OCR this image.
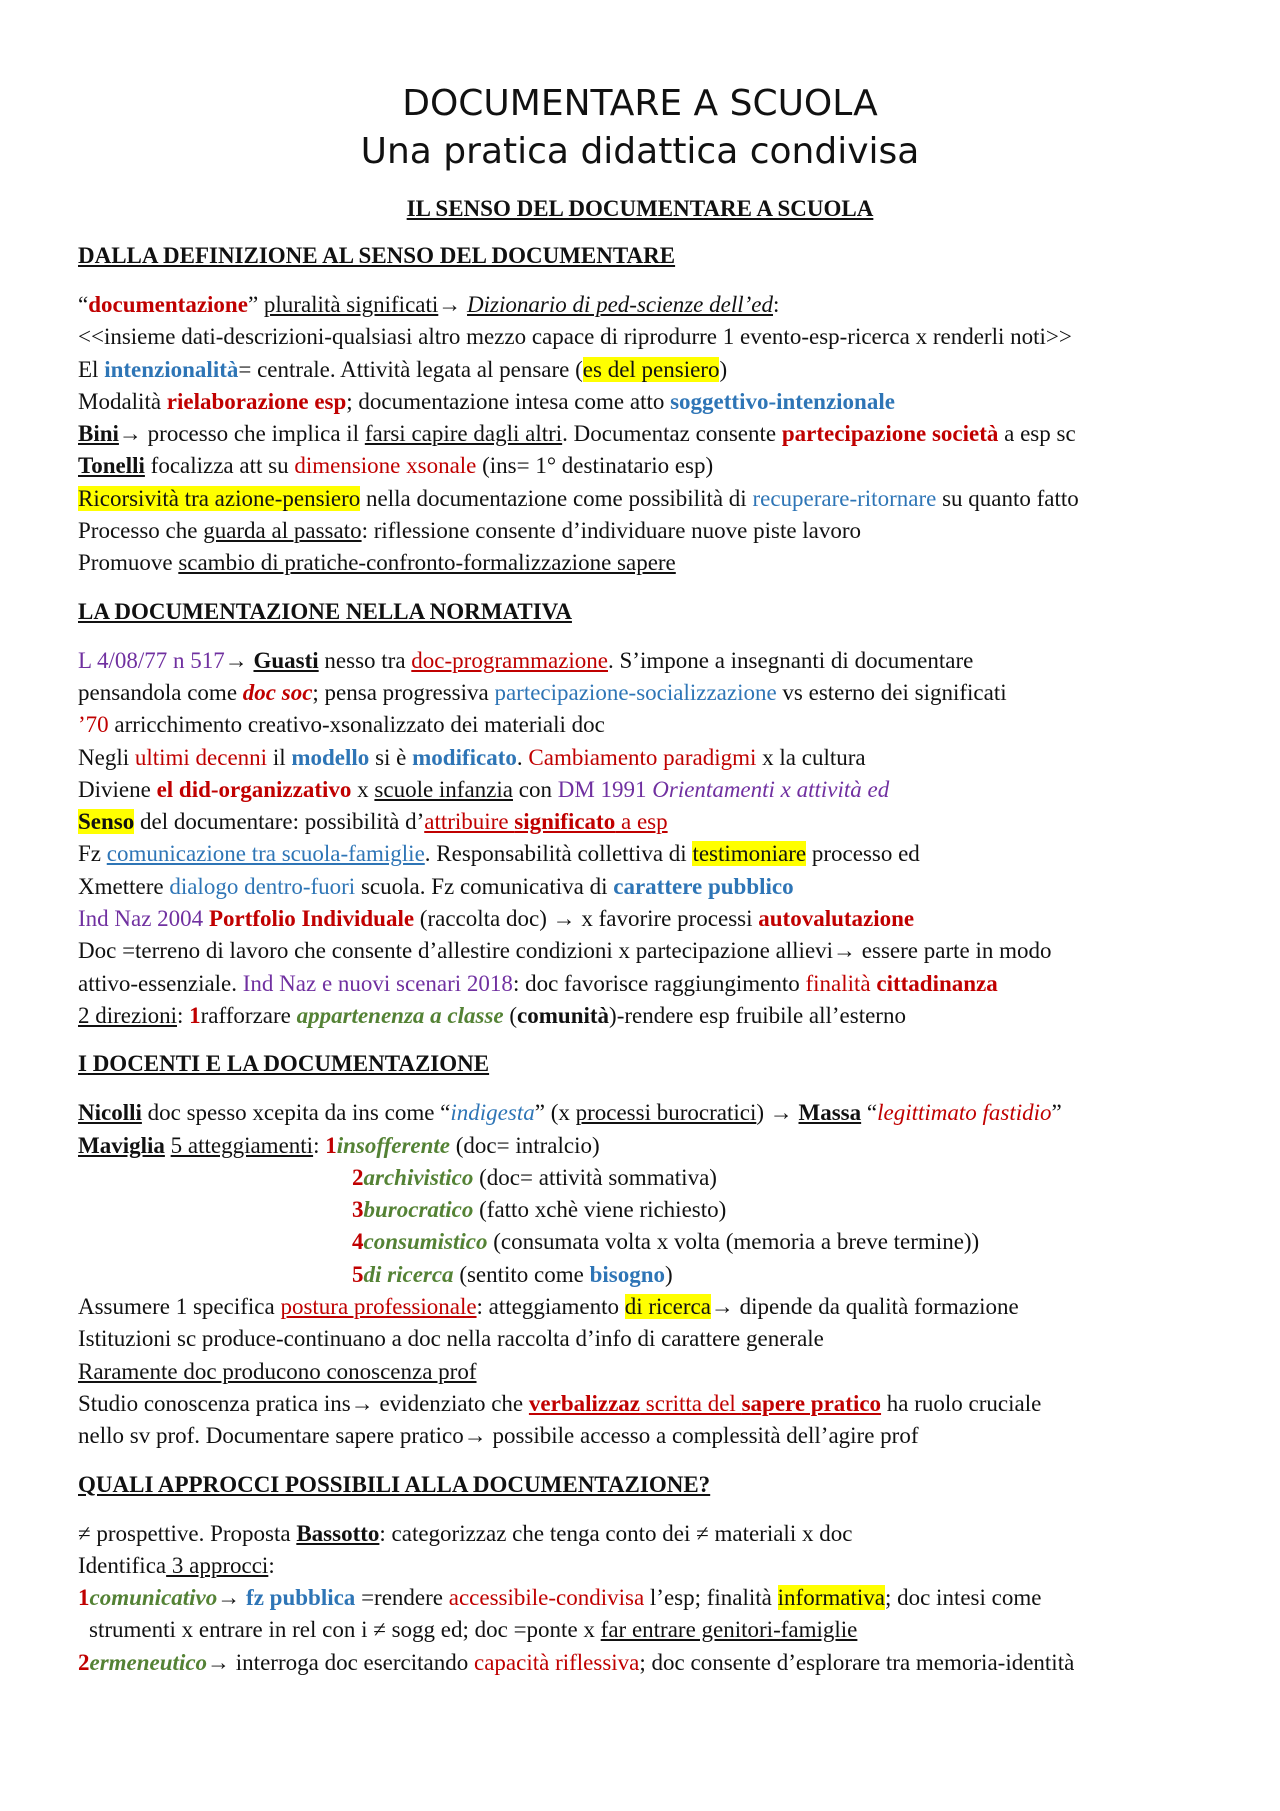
DOCUMENTARE A SCUOLA
Una pratica didattica condivisa
IL SENSO DEL DOCUMENTARE A SCUOLA
DALLA DEFINIZIONE AL SENSO DEL DOCUMENTARE
“documentazione” pluralità significati→ Dizionario di ped-scienze dell’ed:
<<insieme dati-descrizioni-qualsiasi altro mezzo capace di riprodurre 1 evento-esp-ricerca x renderli noti>>
El intenzionalità= centrale. Attività legata al pensare (es del pensiero)
Modalità rielaborazione esp; documentazione intesa come atto soggettivo-intenzionale
Bini→ processo che implica il farsi capire dagli altri. Documentaz consente partecipazione società a esp sc
Tonelli focalizza att su dimensione xsonale (ins= 1° destinatario esp)
Ricorsività tra azione-pensiero nella documentazione come possibilità di recuperare-ritornare su quanto fatto
Processo che guarda al passato: riflessione consente d’individuare nuove piste lavoro
Promuove scambio di pratiche-confronto-formalizzazione sapere
LA DOCUMENTAZIONE NELLA NORMATIVA
L 4/08/77 n 517→ Guasti nesso tra doc-programmazione. S’impone a insegnanti di documentare
pensandola come doc soc; pensa progressiva partecipazione-socializzazione vs esterno dei significati
’70 arricchimento creativo-xsonalizzato dei materiali doc
Negli ultimi decenni il modello si è modificato. Cambiamento paradigmi x la cultura
Diviene el did-organizzativo x scuole infanzia con DM 1991 Orientamenti x attività ed
Senso del documentare: possibilità d’attribuire significato a esp
Fz comunicazione tra scuola-famiglie. Responsabilità collettiva di testimoniare processo ed
Xmettere dialogo dentro-fuori scuola. Fz comunicativa di carattere pubblico
Ind Naz 2004 Portfolio Individuale (raccolta doc) → x favorire processi autovalutazione
Doc =terreno di lavoro che consente d’allestire condizioni x partecipazione allievi→ essere parte in modo
attivo-essenziale. Ind Naz e nuovi scenari 2018: doc favorisce raggiungimento finalità cittadinanza
2 direzioni: 1rafforzare appartenenza a classe (comunità)-rendere esp fruibile all’esterno
I DOCENTI E LA DOCUMENTAZIONE
Nicolli doc spesso xcepita da ins come “indigesta” (x processi burocratici) → Massa “legittimato fastidio”
Maviglia 5 atteggiamenti: 1insofferente (doc= intralcio)
2archivistico (doc= attività sommativa)
3burocratico (fatto xchè viene richiesto)
4consumistico (consumata volta x volta (memoria a breve termine))
5di ricerca (sentito come bisogno)
Assumere 1 specifica postura professionale: atteggiamento di ricerca→ dipende da qualità formazione
Istituzioni sc produce-continuano a doc nella raccolta d’info di carattere generale
Raramente doc producono conoscenza prof
Studio conoscenza pratica ins→ evidenziato che verbalizzaz scritta del sapere pratico ha ruolo cruciale
nello sv prof. Documentare sapere pratico→ possibile accesso a complessità dell’agire prof
QUALI APPROCCI POSSIBILI ALLA DOCUMENTAZIONE?
≠ prospettive. Proposta Bassotto: categorizzaz che tenga conto dei ≠ materiali x doc
Identifica 3 approcci:
1comunicativo→ fz pubblica =rendere accessibile-condivisa l’esp; finalità informativa; doc intesi come
strumenti x entrare in rel con i ≠ sogg ed; doc =ponte x far entrare genitori-famiglie
2ermeneutico→ interroga doc esercitando capacità riflessiva; doc consente d’esplorare tra memoria-identità
